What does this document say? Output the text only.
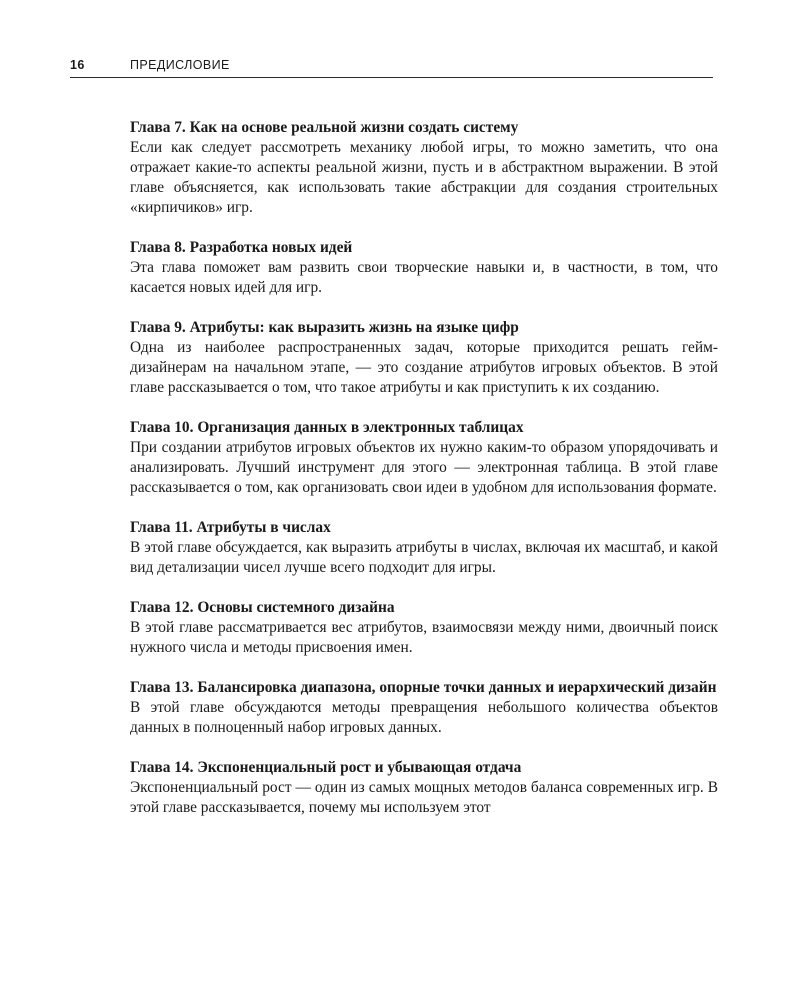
16	ПРЕДИСЛОВИЕ

Глава 7. Как на основе реальной жизни создать систему

Если как следует рассмотреть механику любой игры, то можно заметить, что она отражает какие-то аспекты реальной жизни, пусть и в абстрактном выражении. В этой главе объясняется, как использовать такие абстракции для создания строительных «кирпичиков» игр.

Глава 8. Разработка новых идей

Эта глава поможет вам развить свои творческие навыки и, в частности, в том, что касается новых идей для игр.

Глава 9. Атрибуты: как выразить жизнь на языке цифр

Одна из наиболее распространенных задач, которые приходится решать гейм-дизайнерам на начальном этапе, — это создание атрибутов игровых объектов. В этой главе рассказывается о том, что такое атрибуты и как приступить к их созданию.

Глава 10. Организация данных в электронных таблицах

При создании атрибутов игровых объектов их нужно каким-то образом упорядочивать и анализировать. Лучший инструмент для этого — электронная таблица. В этой главе рассказывается о том, как организовать свои идеи в удобном для использования формате.

Глава 11. Атрибуты в числах

В этой главе обсуждается, как выразить атрибуты в числах, включая их масштаб, и какой вид детализации чисел лучше всего подходит для игры.

Глава 12. Основы системного дизайна

В этой главе рассматривается вес атрибутов, взаимосвязи между ними, двоичный поиск нужного числа и методы присвоения имен.

Глава 13. Балансировка диапазона, опорные точки данных и иерархический дизайн

В этой главе обсуждаются методы превращения небольшого количества объектов данных в полноценный набор игровых данных.

Глава 14. Экспоненциальный рост и убывающая отдача

Экспоненциальный рост — один из самых мощных методов баланса современных игр. В этой главе рассказывается, почему мы используем этот
